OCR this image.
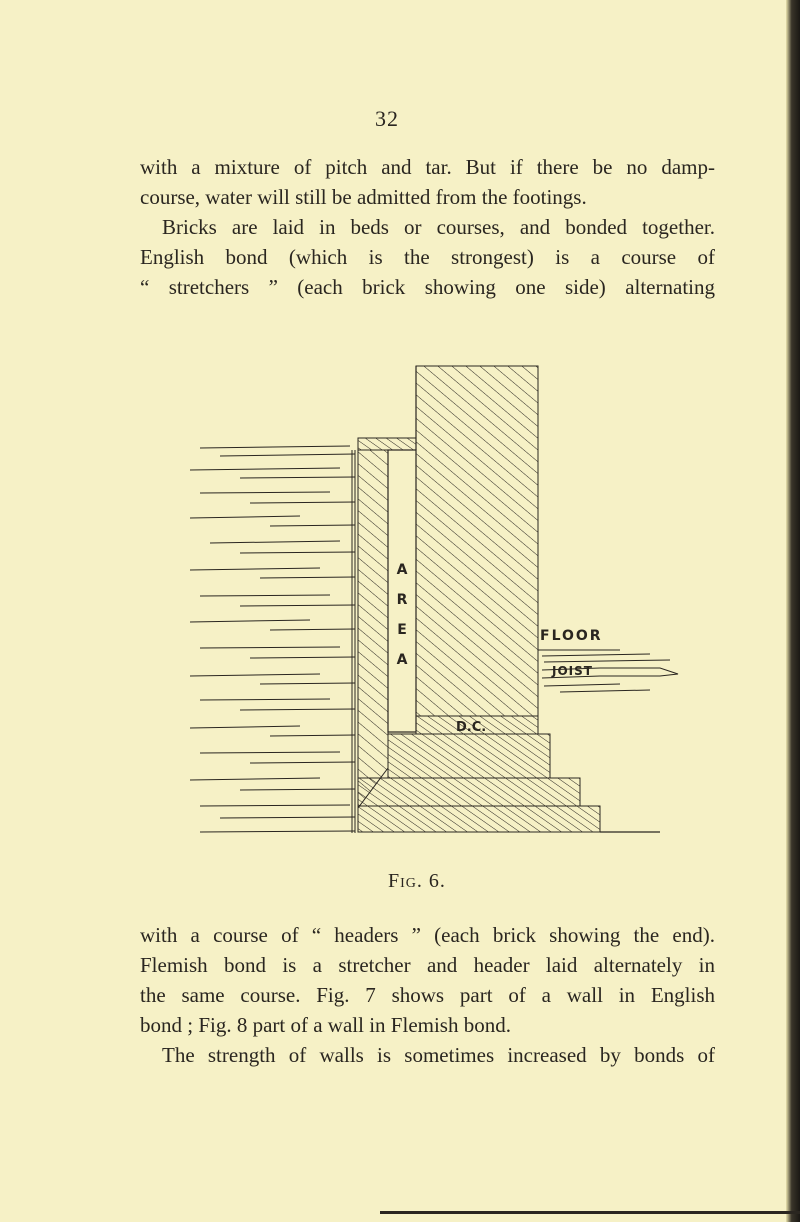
32

with a mixture of pitch and tar. But if there be no damp-
course, water will still be admitted from the footings.
Bricks are laid in beds or courses, and bonded together.
English bond (which is the strongest) is a course of
“ stretchers ” (each brick showing one side) alternating

A
R
E
A
FLOOR
JOIST
D.C.
Fig. 6.

with a course of “ headers ” (each brick showing the end).
Flemish bond is a stretcher and header laid alternately in
the same course. Fig. 7 shows part of a wall in English
bond ; Fig. 8 part of a wall in Flemish bond.
The strength of walls is sometimes increased by bonds of
